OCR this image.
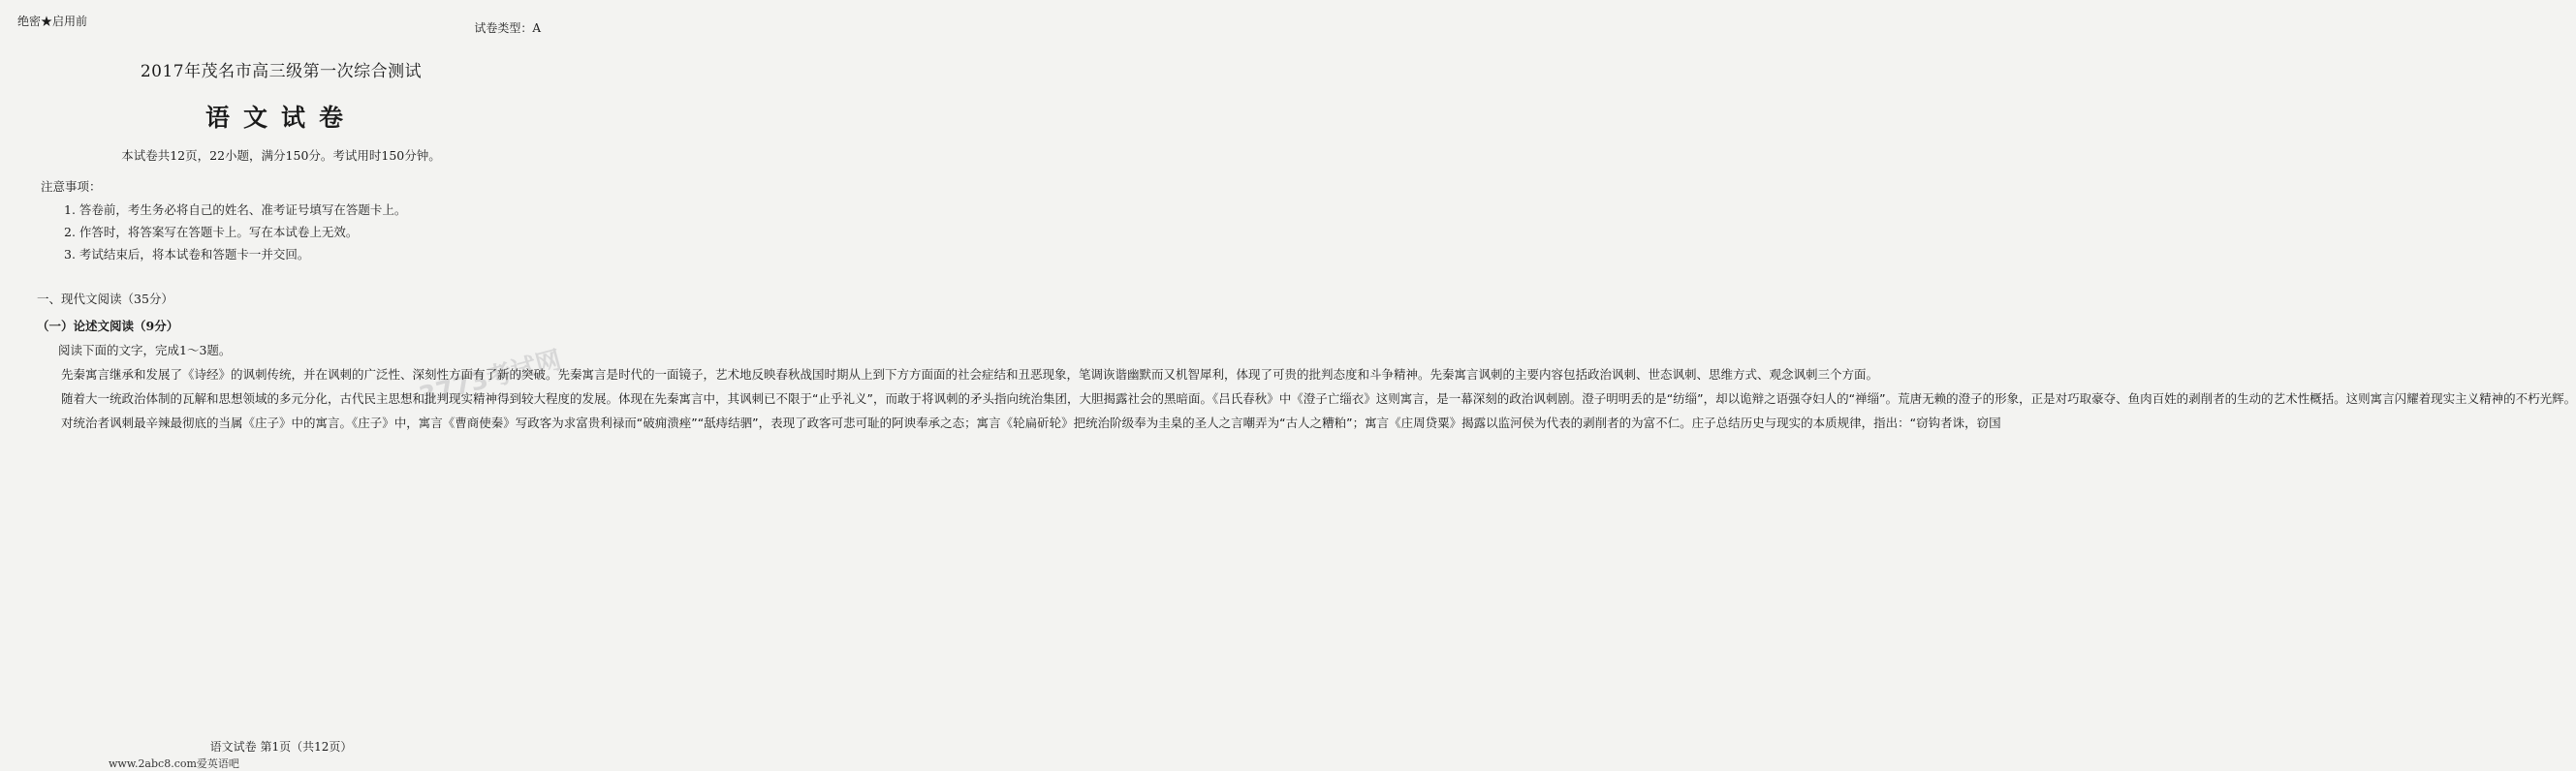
绝密★启用前	试卷类型：A
2017年茂名市高三级第一次综合测试
语文试卷
本试卷共12页，22小题，满分150分。考试用时150分钟。
注意事项：
1. 答卷前，考生务必将自己的姓名、准考证号填写在答题卡上。
2. 作答时，将答案写在答题卡上。写在本试卷上无效。
3. 考试结束后，将本试卷和答题卡一并交回。
一、现代文阅读（35分）
（一）论述文阅读（9分）
阅读下面的文字，完成1～3题。	3773考试网

先秦寓言继承和发展了《诗经》的讽刺传统，并在讽刺的广泛性、深刻性方面有了新的突破。先秦寓言是时代的一面镜子，艺术地反映春秋战国时期从上到下方方面面的社会症结和丑恶现象，笔调诙谐幽默而又机智犀利，体现了可贵的批判态度和斗争精神。先秦寓言讽刺的主要内容包括政治讽刺、世态讽刺、思维方式、观念讽刺三个方面。

随着大一统政治体制的瓦解和思想领域的多元分化，古代民主思想和批判现实精神得到较大程度的发展。体现在先秦寓言中，其讽刺已不限于“止乎礼义”，而敢于将讽刺的矛头指向统治集团，大胆揭露社会的黑暗面。《吕氏春秋》中《澄子亡缁衣》这则寓言，是一幕深刻的政治讽刺剧。澄子明明丢的是“纺缁”，却以诡辩之语强夺妇人的“禅缁”。荒唐无赖的澄子的形象，正是对巧取豪夺、鱼肉百姓的剥削者的生动的艺术性概括。这则寓言闪耀着现实主义精神的不朽光辉。

对统治者讽刺最辛辣最彻底的当属《庄子》中的寓言。《庄子》中，寓言《曹商使秦》写政客为求富贵利禄而“破痈溃痤”“舐痔结驷”，表现了政客可悲可耻的阿谀奉承之态；寓言《轮扁斫轮》把统治阶级奉为圭臬的圣人之言嘲弄为“古人之糟粕”；寓言《庄周贷粟》揭露以监河侯为代表的剥削者的为富不仁。庄子总结历史与现实的本质规律，指出：“窃钩者诛，窃国

语文试卷 第1页（共12页）
www.2abc8.com爱英语吧
